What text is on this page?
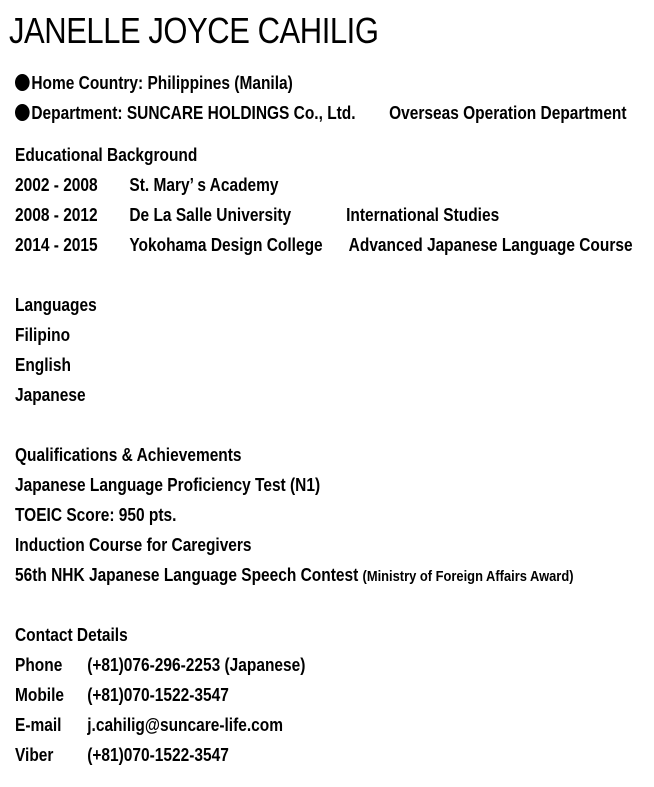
JANELLE JOYCE CAHILIG
Home Country: Philippines (Manila)
Department: SUNCARE HOLDINGS Co., Ltd. Overseas Operation Department
Educational Background
2002 - 2008 St. Mary’ s Academy
2008 - 2012 De La Salle University	International Studies
2014 - 2015 Yokohama Design College Advanced Japanese Language Course
Languages
Filipino
English
Japanese
Qualifications & Achievements
Japanese Language Proficiency Test (N1)
TOEIC Score: 950 pts.
Induction Course for Caregivers
56th NHK Japanese Language Speech Contest (Ministry of Foreign Affairs Award)
Contact Details
Phone (+81)076-296-2253 (Japanese)
Mobile (+81)070-1522-3547
E-mail j.cahilig@suncare-life.com
Viber (+81)070-1522-3547
